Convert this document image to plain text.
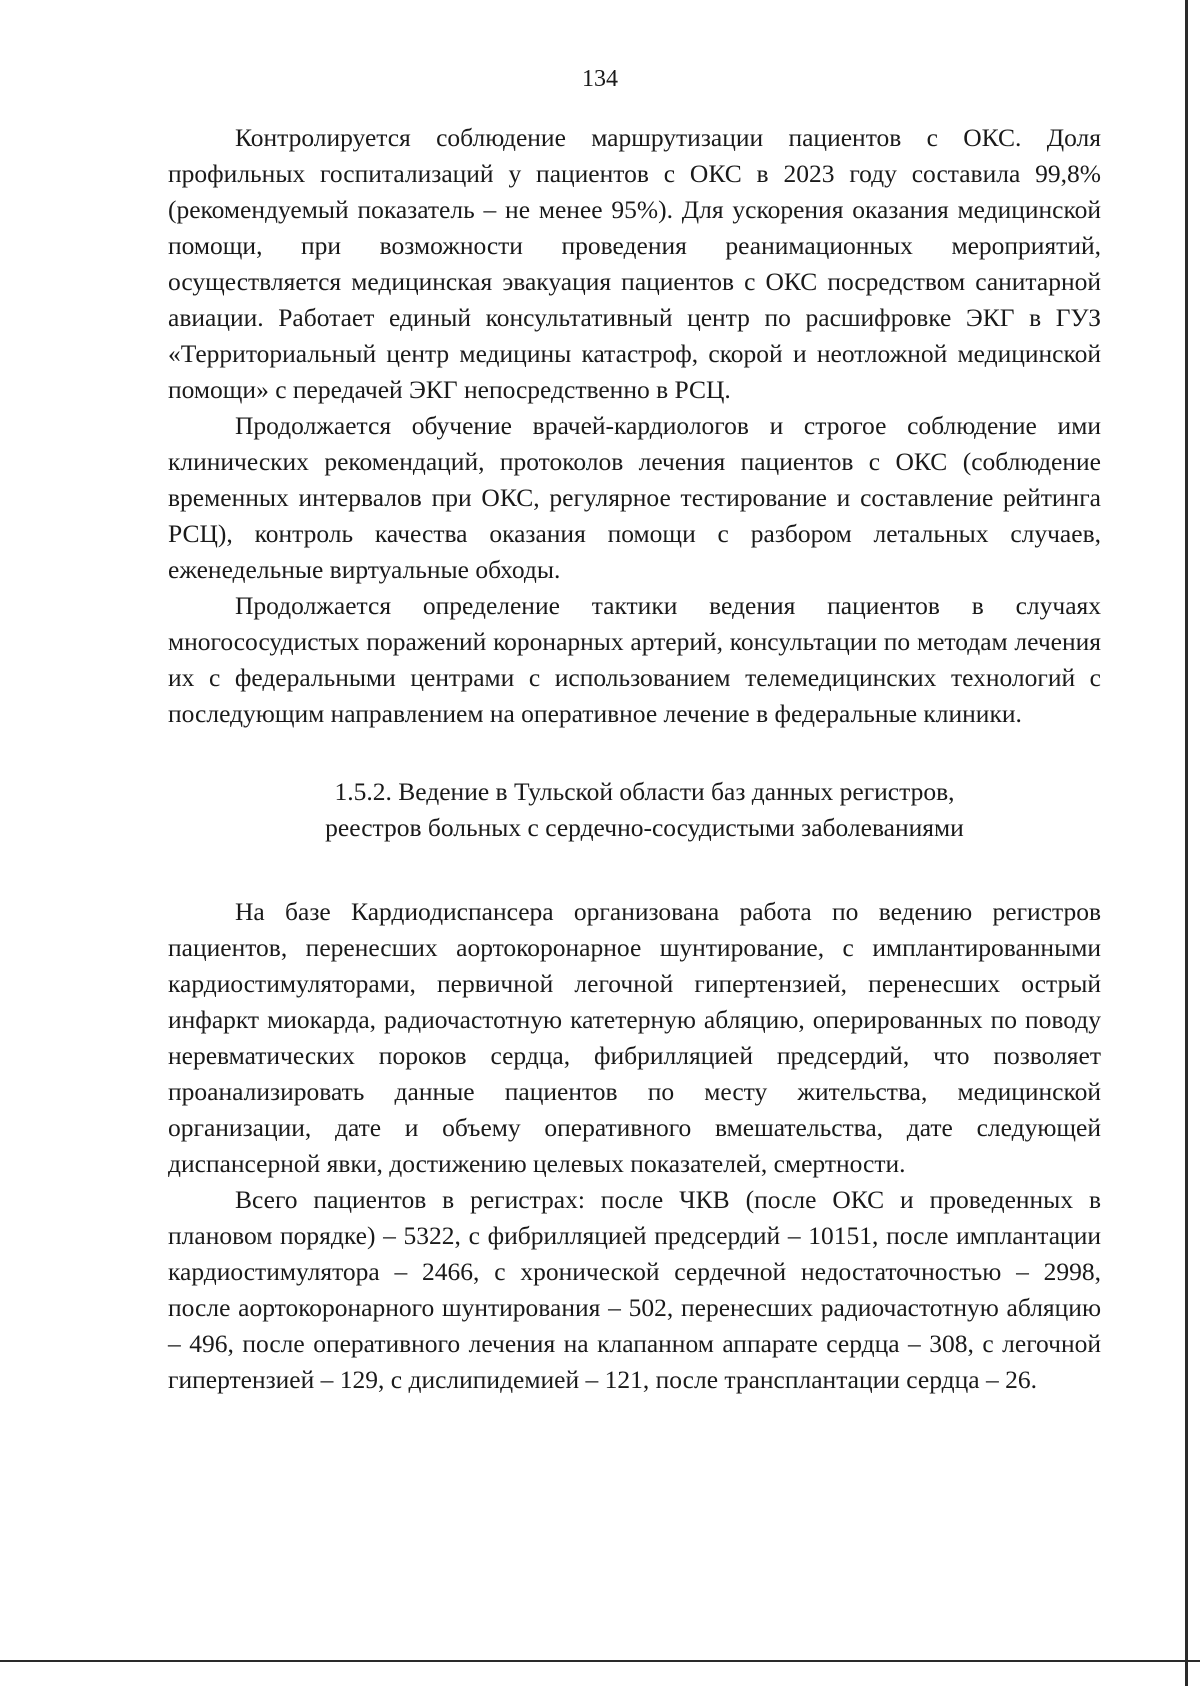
134

Контролируется соблюдение маршрутизации пациентов с ОКС. Доля профильных госпитализаций у пациентов с ОКС в 2023 году составила 99,8% (рекомендуемый показатель – не менее 95%). Для ускорения оказания медицинской помощи, при возможности проведения реанимационных мероприятий, осуществляется медицинская эвакуация пациентов с ОКС посредством санитарной авиации. Работает единый консультативный центр по расшифровке ЭКГ в ГУЗ «Территориальный центр медицины катастроф, скорой и неотложной медицинской помощи» с передачей ЭКГ непосредственно в РСЦ.

Продолжается обучение врачей-кардиологов и строгое соблюдение ими клинических рекомендаций, протоколов лечения пациентов с ОКС (соблюдение временных интервалов при ОКС, регулярное тестирование и составление рейтинга РСЦ), контроль качества оказания помощи с разбором летальных случаев, еженедельные виртуальные обходы.

Продолжается определение тактики ведения пациентов в случаях многососудистых поражений коронарных артерий, консультации по методам лечения их с федеральными центрами с использованием телемедицинских технологий с последующим направлением на оперативное лечение в федеральные клиники.

1.5.2. Ведение в Тульской области баз данных регистров,
реестров больных с сердечно-сосудистыми заболеваниями

На базе Кардиодиспансера организована работа по ведению регистров пациентов, перенесших аортокоронарное шунтирование, с имплантированными кардиостимуляторами, первичной легочной гипертензией, перенесших острый инфаркт миокарда, радиочастотную катетерную абляцию, оперированных по поводу неревматических пороков сердца, фибрилляцией предсердий, что позволяет проанализировать данные пациентов по месту жительства, медицинской организации, дате и объему оперативного вмешательства, дате следующей диспансерной явки, достижению целевых показателей, смертности.

Всего пациентов в регистрах: после ЧКВ (после ОКС и проведенных в плановом порядке) – 5322, с фибрилляцией предсердий – 10151, после имплантации кардиостимулятора – 2466, с хронической сердечной недостаточностью – 2998, после аортокоронарного шунтирования – 502, перенесших радиочастотную абляцию – 496, после оперативного лечения на клапанном аппарате сердца – 308, с легочной гипертензией – 129, с дислипидемией – 121, после трансплантации сердца – 26.
